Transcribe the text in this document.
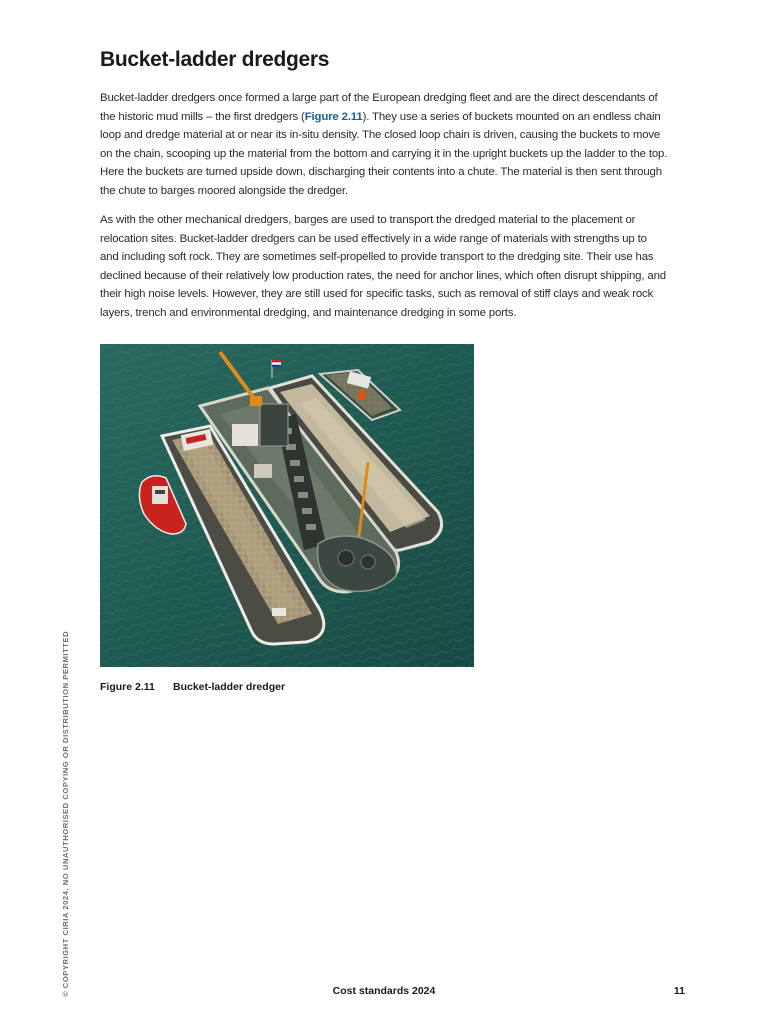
Bucket-ladder dredgers

Bucket-ladder dredgers once formed a large part of the European dredging fleet and are the direct descendants of the historic mud mills – the first dredgers (Figure 2.11). They use a series of buckets mounted on an endless chain loop and dredge material at or near its in-situ density. The closed loop chain is driven, causing the buckets to move on the chain, scooping up the material from the bottom and carrying it in the upright buckets up the ladder to the top. Here the buckets are turned upside down, discharging their contents into a chute. The material is then sent through the chute to barges moored alongside the dredger.

As with the other mechanical dredgers, barges are used to transport the dredged material to the placement or relocation sites. Bucket-ladder dredgers can be used effectively in a wide range of materials with strengths up to and including soft rock. They are sometimes self-propelled to provide transport to the dredging site. Their use has declined because of their relatively low production rates, the need for anchor lines, which often disrupt shipping, and their high noise levels. However, they are still used for specific tasks, such as removal of stiff clays and weak rock layers, trench and environmental dredging, and maintenance dredging in some ports.

Figure 2.11 Bucket-ladder dredger
© COPYRIGHT CIRIA 2024. NO UNAUTHORISED COPYING OR DISTRIBUTION PERMITTED	Cost standards 2024	11
